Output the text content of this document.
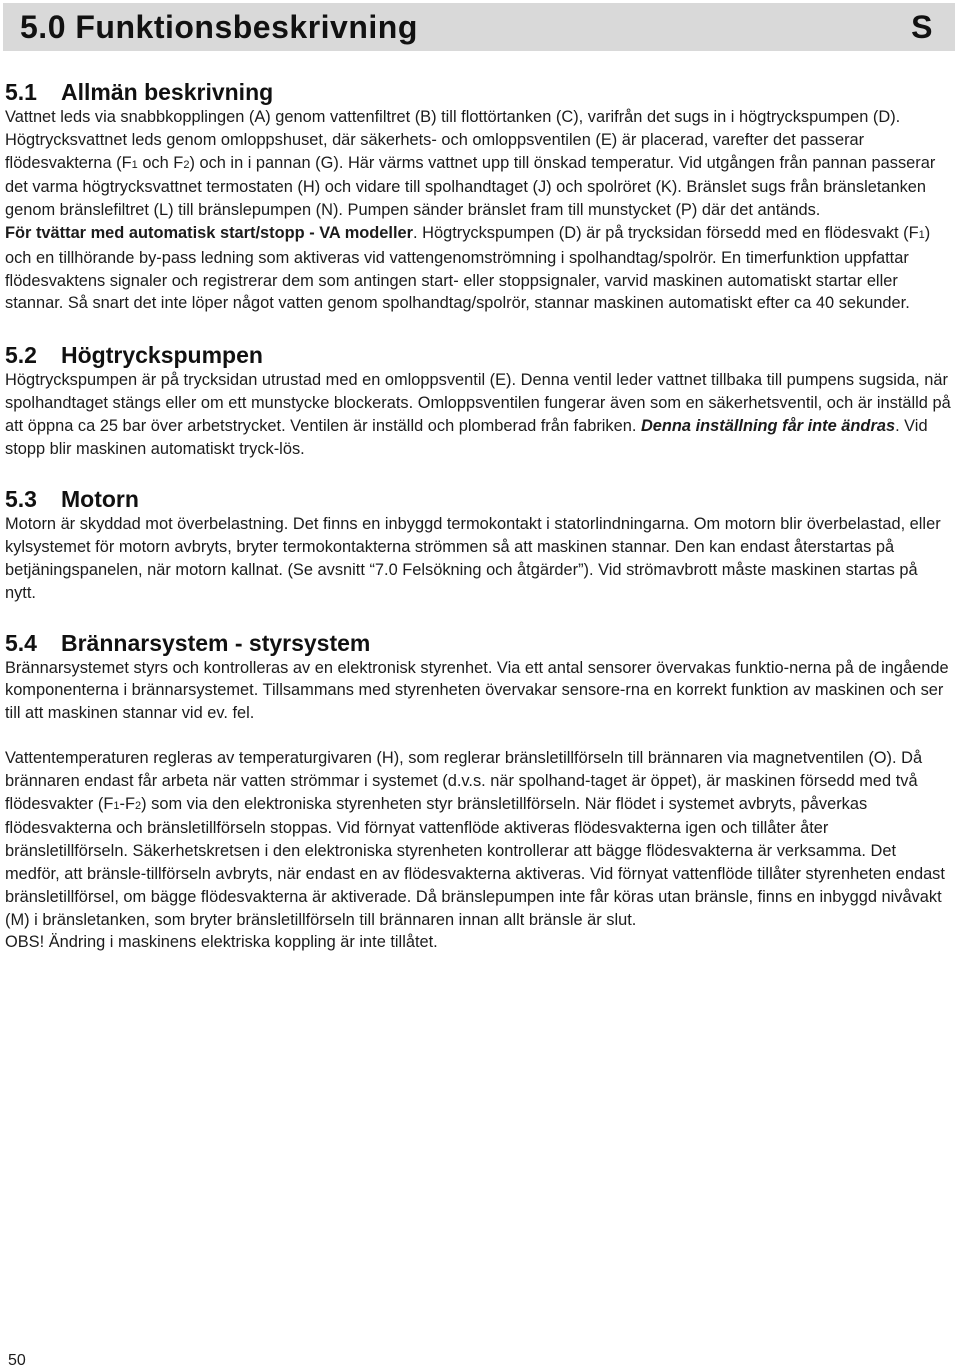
5.0 Funktionsbeskrivning	S
5.1 Allmän beskrivning

Vattnet leds via snabbkopplingen (A) genom vattenfiltret (B) till flottörtanken (C), varifrån det sugs in i högtryckspumpen (D). Högtrycksvattnet leds genom omloppshuset, där säkerhets- och omloppsventilen (E) är placerad, varefter det passerar flödesvakterna (F1 och F2) och in i pannan (G). Här värms vattnet upp till önskad temperatur. Vid utgången från pannan passerar det varma högtrycksvattnet termostaten (H) och vidare till spolhandtaget (J) och spolröret (K). Bränslet sugs från bränsletanken genom bränslefiltret (L) till bränslepumpen (N). Pumpen sänder bränslet fram till munstycket (P) där det antänds.

För tvättar med automatisk start/stopp - VA modeller. Högtryckspumpen (D) är på trycksidan försedd med en flödesvakt (F1) och en tillhörande by-pass ledning som aktiveras vid vattengenomströmning i spolhandtag/spolrör. En timerfunktion uppfattar flödesvaktens signaler och registrerar dem som antingen start- eller stoppsignaler, varvid maskinen automatiskt startar eller stannar. Så snart det inte löper något vatten genom spolhandtag/spolrör, stannar maskinen automatiskt efter ca 40 sekunder.

5.2 Högtryckspumpen

Högtryckspumpen är på trycksidan utrustad med en omloppsventil (E). Denna ventil leder vattnet tillbaka till pumpens sugsida, när spolhandtaget stängs eller om ett munstycke blockerats. Omloppsventilen fungerar även som en säkerhetsventil, och är inställd på att öppna ca 25 bar över arbetstrycket. Ventilen är inställd och plomberad från fabriken. Denna inställning får inte ändras. Vid stopp blir maskinen automatiskt tryck-lös.

5.3 Motorn

Motorn är skyddad mot överbelastning. Det finns en inbyggd termokontakt i statorlindningarna. Om motorn blir överbelastad, eller kylsystemet för motorn avbryts, bryter termokontakterna strömmen så att maskinen stannar. Den kan endast återstartas på betjäningspanelen, när motorn kallnat. (Se avsnitt “7.0 Felsökning och åtgärder”). Vid strömavbrott måste maskinen startas på nytt.

5.4 Brännarsystem - styrsystem

Brännarsystemet styrs och kontrolleras av en elektronisk styrenhet. Via ett antal sensorer övervakas funktio-nerna på de ingående komponenterna i brännarsystemet. Tillsammans med styrenheten övervakar sensore-rna en korrekt funktion av maskinen och ser till att maskinen stannar vid ev. fel.

Vattentemperaturen regleras av temperaturgivaren (H), som reglerar bränsletillförseln till brännaren via magnetventilen (O). Då brännaren endast får arbeta när vatten strömmar i systemet (d.v.s. när spolhand-taget är öppet), är maskinen försedd med två flödesvakter (F1-F2) som via den elektroniska styrenheten styr bränsletillförseln. När flödet i systemet avbryts, påverkas flödesvakterna och bränsletillförseln stoppas. Vid förnyat vattenflöde aktiveras flödesvakterna igen och tillåter åter bränsletillförseln. Säkerhetskretsen i den elektroniska styrenheten kontrollerar att bägge flödesvakterna är verksamma. Det medför, att bränsle-tillförseln avbryts, när endast en av flödesvakterna aktiveras. Vid förnyat vattenflöde tillåter styrenheten endast bränsletillförsel, om bägge flödesvakterna är aktiverade. Då bränslepumpen inte får köras utan bränsle, finns en inbyggd nivåvakt (M) i bränsletanken, som bryter bränsletillförseln till brännaren innan allt bränsle är slut.

OBS! Ändring i maskinens elektriska koppling är inte tillåtet.

50
